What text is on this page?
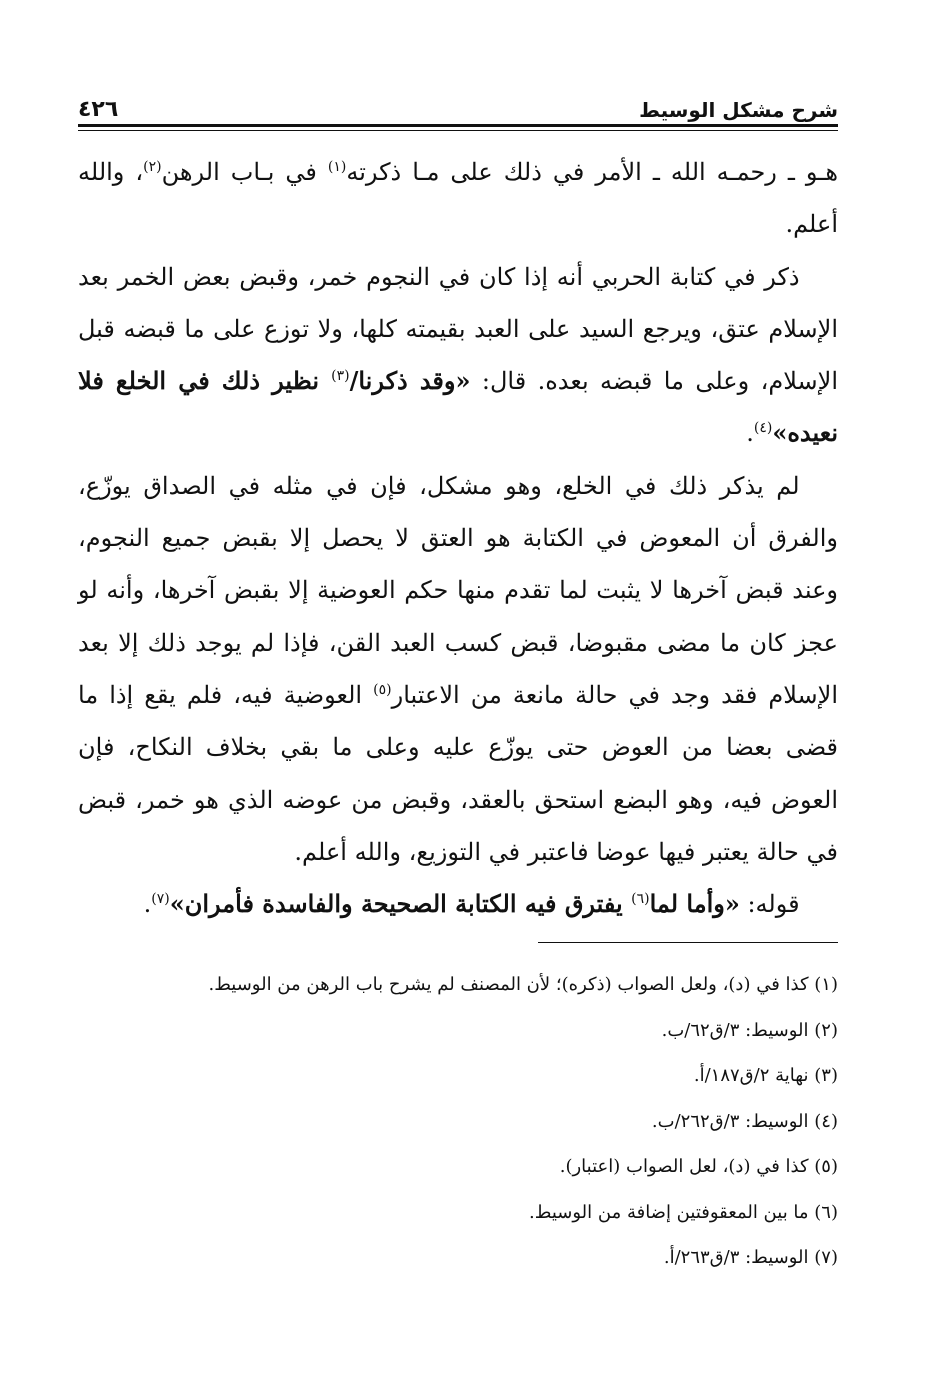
شرح مشكل الوسيط
٤٢٦

هـو ـ رحمـه الله ـ الأمر في ذلك على مـا ذكرته$^{(١)}$ في بـاب الرهن$^{(٢)}$، والله أعلم.

ذكر في كتابة الحربي أنه إذا كان في النجوم خمر، وقبض بعض الخمر بعد الإسلام عتق، ويرجع السيد على العبد بقيمته كلها، ولا توزع على ما قبضه قبل الإسلام، وعلى ما قبضه بعده. قال: «وقد ذكرنا/$^{(٣)}$ نظير ذلك في الخلع فلا نعيده»$^{(٤)}$.

لم يذكر ذلك في الخلع، وهو مشكل، فإن في مثله في الصداق يوزّع، والفرق أن المعوض في الكتابة هو العتق لا يحصل إلا بقبض جميع النجوم، وعند قبض آخرها لا يثبت لما تقدم منها حكم العوضية إلا بقبض آخرها، وأنه لو عجز كان ما مضى مقبوضا، قبض كسب العبد القن، فإذا لم يوجد ذلك إلا بعد الإسلام فقد وجد في حالة مانعة من الاعتبار$^{(٥)}$ العوضية فيه، فلم يقع إذا ما قضى بعضا من العوض حتى يوزّع عليه وعلى ما بقي بخلاف النكاح، فإن العوض فيه، وهو البضع استحق بالعقد، وقبض من عوضه الذي هو خمر، قبض في حالة يعتبر فيها عوضا فاعتبر في التوزيع، والله أعلم.

قوله: «وأما لما$^{(٦)}$ يفترق فيه الكتابة الصحيحة والفاسدة فأمران»$^{(٧)}$.

(١) كذا في (د)، ولعل الصواب (ذكره)؛ لأن المصنف لم يشرح باب الرهن من الوسيط.
(٢) الوسيط: ٣/ق٦٢/ب.
(٣) نهاية ٢/ق١٨٧/أ.
(٤) الوسيط: ٣/ق٢٦٢/ب.
(٥) كذا في (د)، لعل الصواب (اعتبار).
(٦) ما بين المعقوفتين إضافة من الوسيط.
(٧) الوسيط: ٣/ق٢٦٣/أ.
